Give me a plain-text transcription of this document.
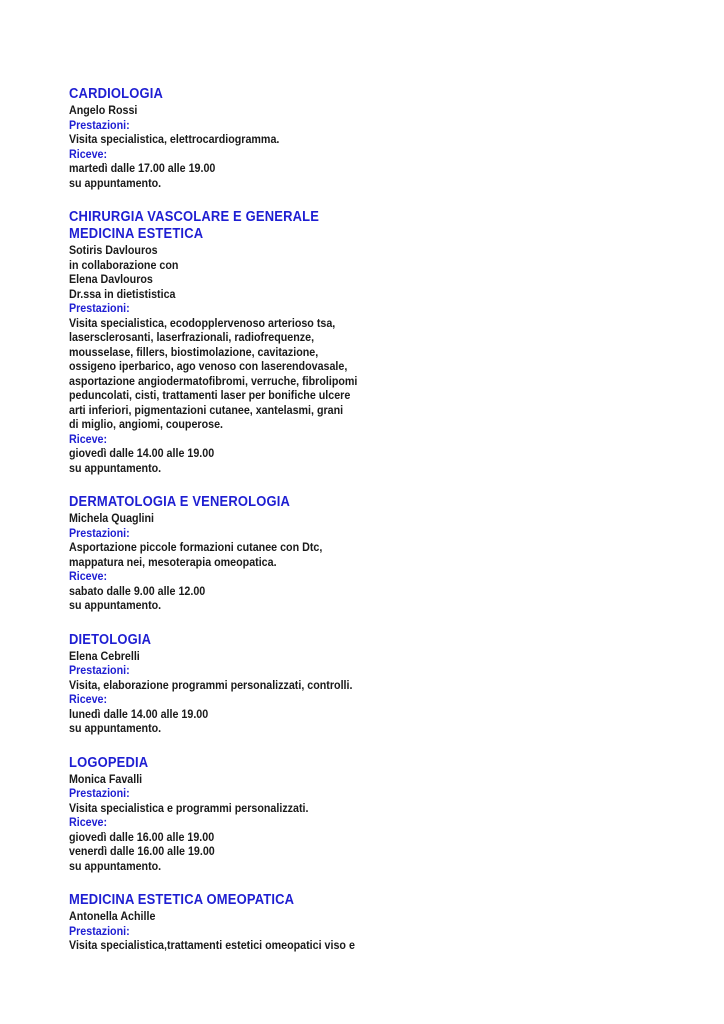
CARDIOLOGIA
Angelo Rossi
Prestazioni:
Visita specialistica, elettrocardiogramma.
Riceve:
martedì dalle 17.00 alle 19.00
su appuntamento.
CHIRURGIA VASCOLARE E GENERALE
MEDICINA ESTETICA
Sotiris Davlouros
in collaborazione con
Elena Davlouros
Dr.ssa in dietististica
Prestazioni:
Visita specialistica, ecodopplervenoso arterioso tsa,
lasersclerosanti, laserfrazionali, radiofrequenze,
mousselase, fillers, biostimolazione, cavitazione,
ossigeno iperbarico, ago venoso con laserendovasale,
asportazione angiodermatofibromi, verruche, fibrolipomi
peduncolati, cisti, trattamenti laser per bonifiche ulcere
arti inferiori, pigmentazioni cutanee, xantelasmi, grani
di miglio, angiomi, couperose.
Riceve:
giovedì dalle 14.00 alle 19.00
su appuntamento.
DERMATOLOGIA E VENEROLOGIA
Michela Quaglini
Prestazioni:
Asportazione piccole formazioni cutanee con Dtc,
mappatura nei, mesoterapia omeopatica.
Riceve:
sabato dalle 9.00 alle 12.00
su appuntamento.
DIETOLOGIA
Elena Cebrelli
Prestazioni:
Visita, elaborazione programmi personalizzati, controlli.
Riceve:
lunedì dalle 14.00 alle 19.00
su appuntamento.
LOGOPEDIA
Monica Favalli
Prestazioni:
Visita specialistica e programmi personalizzati.
Riceve:
giovedì dalle 16.00 alle 19.00
venerdì dalle 16.00 alle 19.00
su appuntamento.
MEDICINA ESTETICA OMEOPATICA
Antonella Achille
Prestazioni:
Visita specialistica,trattamenti estetici omeopatici viso e
